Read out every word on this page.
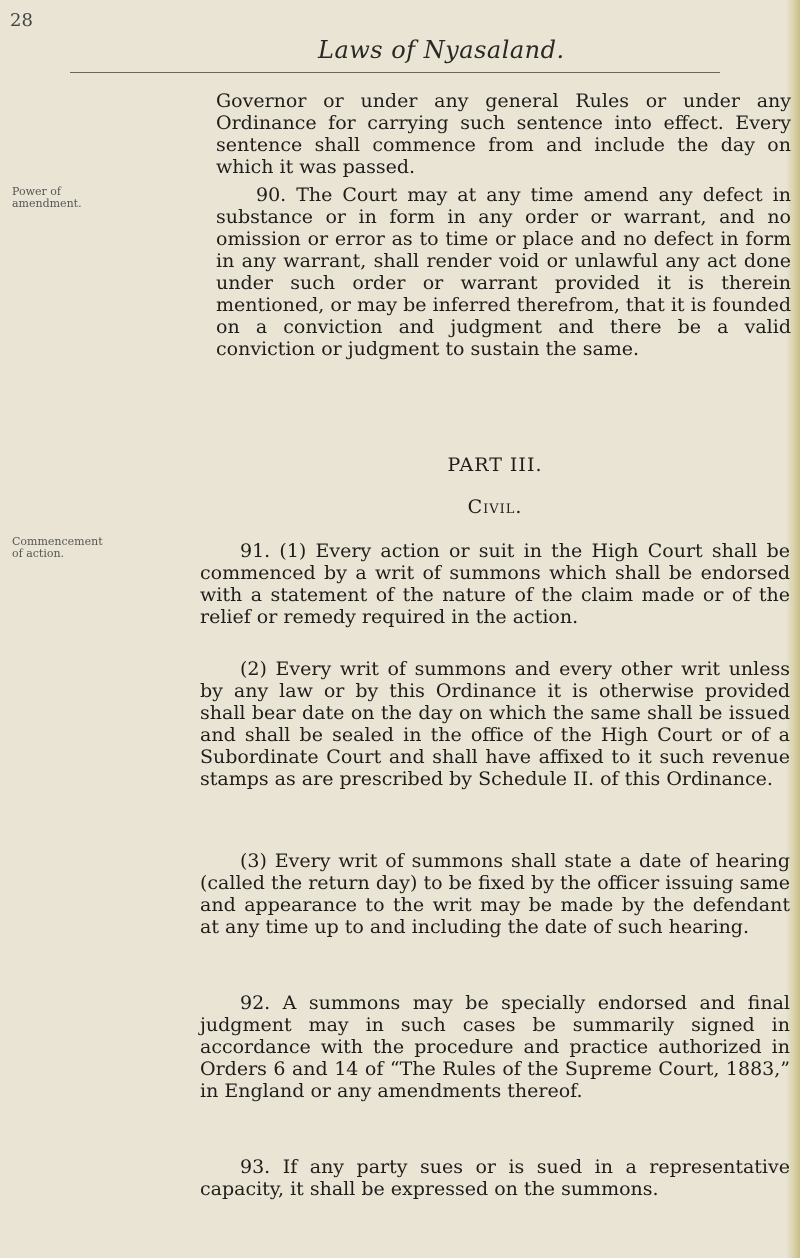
28
Laws of Nyasaland.

Governor or under any general Rules or under any Ordinance for carrying such sentence into effect. Every sentence shall commence from and include the day on which it was passed.

Power of amendment.	90. The Court may at any time amend any defect in substance or in form in any order or warrant, and no omission or error as to time or place and no defect in form in any warrant, shall render void or unlawful any act done under such order or warrant provided it is therein mentioned, or may be inferred therefrom, that it is founded on a conviction and judgment and there be a valid conviction or judgment to sustain the same.

PART III.

Civil.

Commencement of action.	91. (1) Every action or suit in the High Court shall be commenced by a writ of summons which shall be endorsed with a statement of the nature of the claim made or of the relief or remedy required in the action.

(2) Every writ of summons and every other writ unless by any law or by this Ordinance it is otherwise provided shall bear date on the day on which the same shall be issued and shall be sealed in the office of the High Court or of a Subordinate Court and shall have affixed to it such revenue stamps as are prescribed by Schedule II. of this Ordinance.

(3) Every writ of summons shall state a date of hearing (called the return day) to be fixed by the officer issuing same and appearance to the writ may be made by the defendant at any time up to and including the date of such hearing.

92. A summons may be specially endorsed and final judgment may in such cases be summarily signed in accordance with the procedure and practice authorized in Orders 6 and 14 of “The Rules of the Supreme Court, 1883,” in England or any amendments thereof.

93. If any party sues or is sued in a representative capacity, it shall be expressed on the summons.
